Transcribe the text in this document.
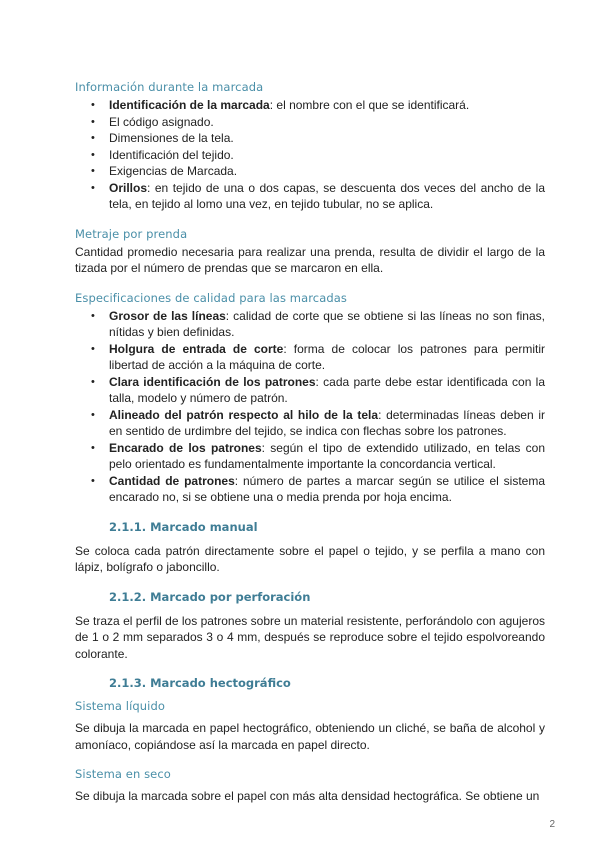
Información durante la marcada
• Identificación de la marcada: el nombre con el que se identificará.
• El código asignado.
• Dimensiones de la tela.
• Identificación del tejido.
• Exigencias de Marcada.
• Orillos: en tejido de una o dos capas, se descuenta dos veces del ancho de la tela, en tejido al lomo una vez, en tejido tubular, no se aplica.
Metraje por prenda

Cantidad promedio necesaria para realizar una prenda, resulta de dividir el largo de la tizada por el número de prendas que se marcaron en ella.

Especificaciones de calidad para las marcadas
• Grosor de las líneas: calidad de corte que se obtiene si las líneas no son finas, nítidas y bien definidas.
• Holgura de entrada de corte: forma de colocar los patrones para permitir libertad de acción a la máquina de corte.
• Clara identificación de los patrones: cada parte debe estar identificada con la talla, modelo y número de patrón.
• Alineado del patrón respecto al hilo de la tela: determinadas líneas deben ir en sentido de urdimbre del tejido, se indica con flechas sobre los patrones.
• Encarado de los patrones: según el tipo de extendido utilizado, en telas con pelo orientado es fundamentalmente importante la concordancia vertical.
• Cantidad de patrones: número de partes a marcar según se utilice el sistema encarado no, si se obtiene una o media prenda por hoja encima.
2.1.1. Marcado manual

Se coloca cada patrón directamente sobre el papel o tejido, y se perfila a mano con lápiz, bolígrafo o jaboncillo.

2.1.2. Marcado por perforación

Se traza el perfil de los patrones sobre un material resistente, perforándolo con agujeros de 1 o 2 mm separados 3 o 4 mm, después se reproduce sobre el tejido espolvoreando colorante.

2.1.3. Marcado hectográfico
Sistema líquido

Se dibuja la marcada en papel hectográfico, obteniendo un cliché, se baña de alcohol y amoníaco, copiándose así la marcada en papel directo.

Sistema en seco

Se dibuja la marcada sobre el papel con más alta densidad hectográfica. Se obtiene un

2
